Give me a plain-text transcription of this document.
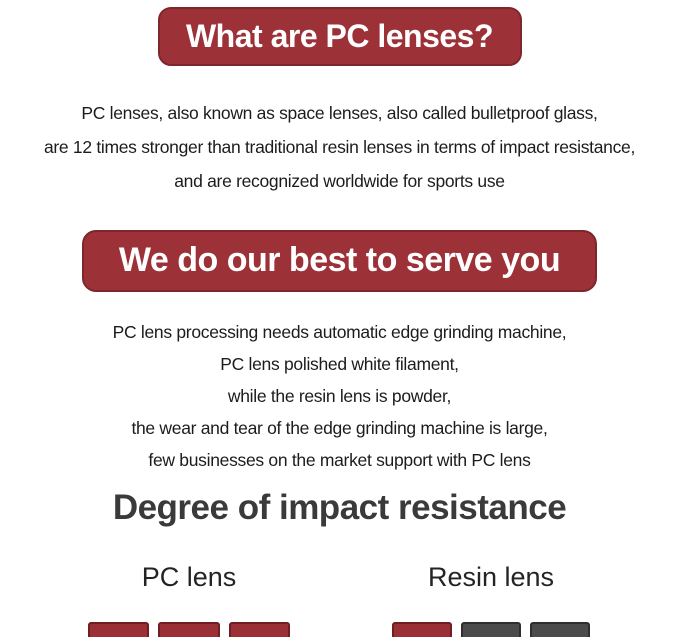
What are PC lenses?
PC lenses, also known as space lenses, also called bulletproof glass,
are 12 times stronger than traditional resin lenses in terms of impact resistance,
and are recognized worldwide for sports use
We do our best to serve you
PC lens processing needs automatic edge grinding machine,
PC lens polished white filament,
while the resin lens is powder,
the wear and tear of the edge grinding machine is large,
few businesses on the market support with PC lens
Degree of impact resistance
PC lens	Resin lens
